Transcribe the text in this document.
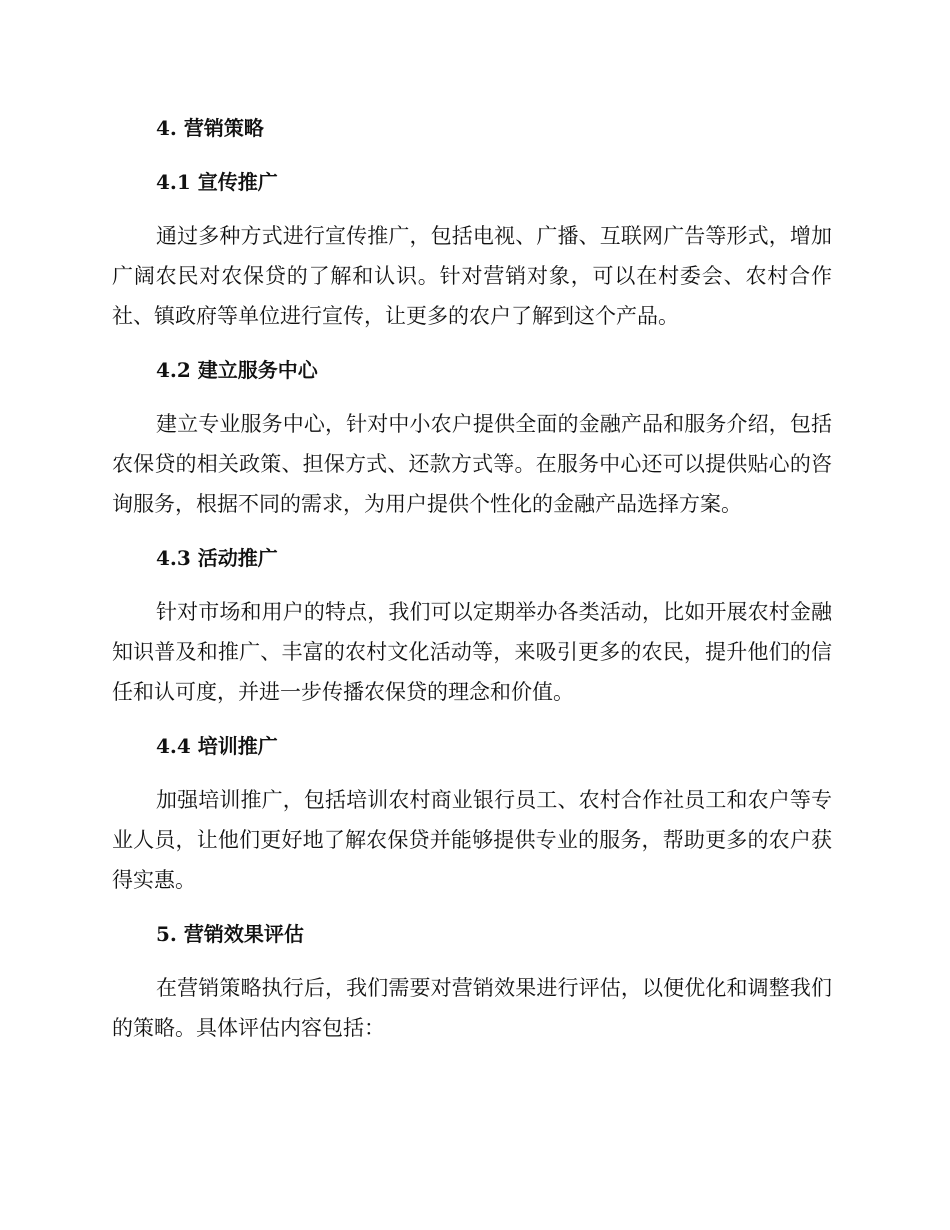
4. 营销策略
4.1 宣传推广

通过多种方式进行宣传推广，包括电视、广播、互联网广告等形式，增加广阔农民对农保贷的了解和认识。针对营销对象，可以在村委会、农村合作社、镇政府等单位进行宣传，让更多的农户了解到这个产品。

4.2 建立服务中心

建立专业服务中心，针对中小农户提供全面的金融产品和服务介绍，包括农保贷的相关政策、担保方式、还款方式等。在服务中心还可以提供贴心的咨询服务，根据不同的需求，为用户提供个性化的金融产品选择方案。

4.3 活动推广

针对市场和用户的特点，我们可以定期举办各类活动，比如开展农村金融知识普及和推广、丰富的农村文化活动等，来吸引更多的农民，提升他们的信任和认可度，并进一步传播农保贷的理念和价值。

4.4 培训推广

加强培训推广，包括培训农村商业银行员工、农村合作社员工和农户等专业人员，让他们更好地了解农保贷并能够提供专业的服务，帮助更多的农户获得实惠。

5. 营销效果评估

在营销策略执行后，我们需要对营销效果进行评估，以便优化和调整我们的策略。具体评估内容包括：
